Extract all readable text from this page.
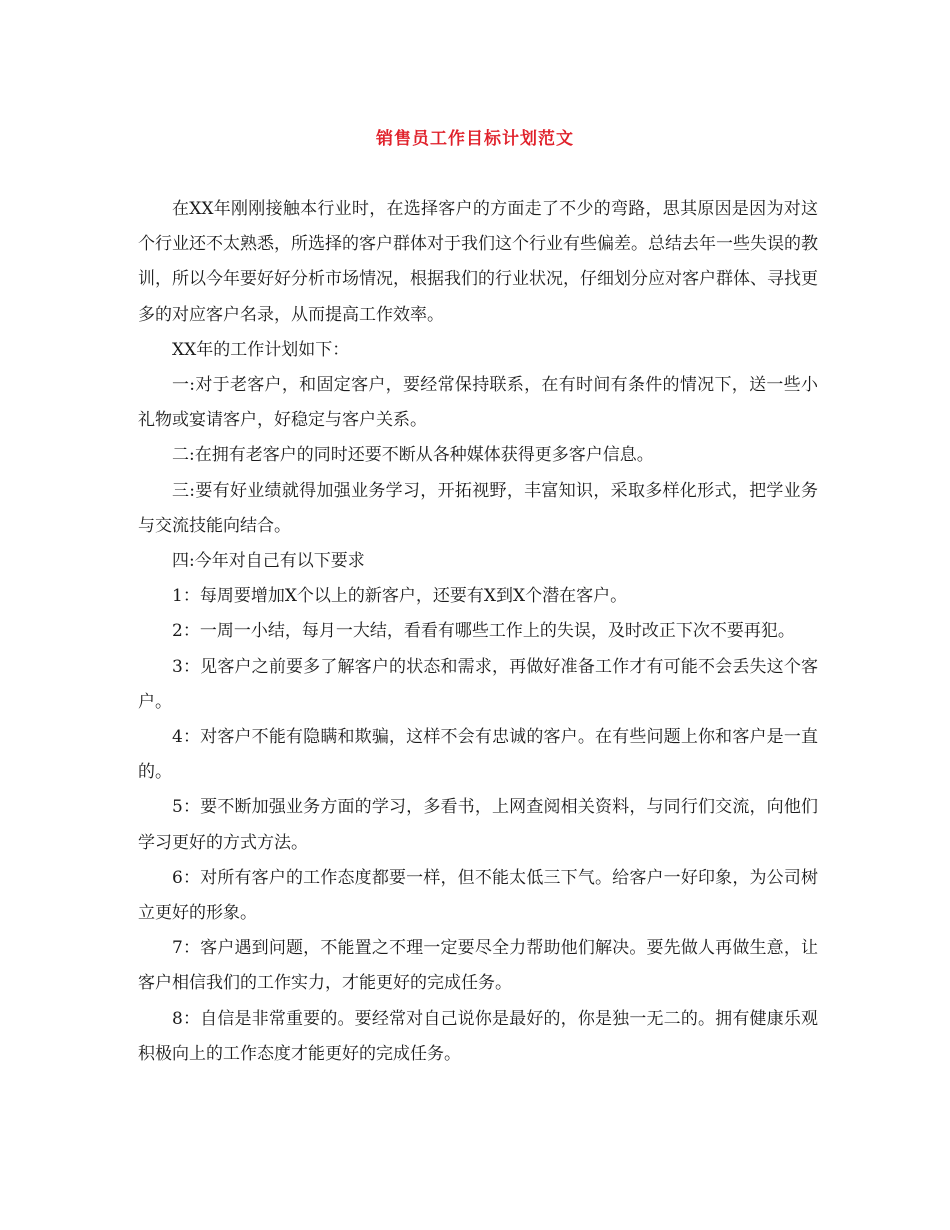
销售员工作目标计划范文

在XX年刚刚接触本行业时，在选择客户的方面走了不少的弯路，思其原因是因为对这个行业还不太熟悉，所选择的客户群体对于我们这个行业有些偏差。总结去年一些失误的教训，所以今年要好好分析市场情况，根据我们的行业状况，仔细划分应对客户群体、寻找更多的对应客户名录，从而提高工作效率。

XX年的工作计划如下：

一:对于老客户，和固定客户，要经常保持联系，在有时间有条件的情况下，送一些小礼物或宴请客户，好稳定与客户关系。

二:在拥有老客户的同时还要不断从各种媒体获得更多客户信息。

三:要有好业绩就得加强业务学习，开拓视野，丰富知识，采取多样化形式，把学业务与交流技能向结合。

四:今年对自己有以下要求

1：每周要增加X个以上的新客户，还要有X到X个潜在客户。

2：一周一小结，每月一大结，看看有哪些工作上的失误，及时改正下次不要再犯。

3：见客户之前要多了解客户的状态和需求，再做好准备工作才有可能不会丢失这个客户。

4：对客户不能有隐瞒和欺骗，这样不会有忠诚的客户。在有些问题上你和客户是一直的。

5：要不断加强业务方面的学习，多看书，上网查阅相关资料，与同行们交流，向他们学习更好的方式方法。

6：对所有客户的工作态度都要一样，但不能太低三下气。给客户一好印象，为公司树立更好的形象。

7：客户遇到问题，不能置之不理一定要尽全力帮助他们解决。要先做人再做生意，让客户相信我们的工作实力，才能更好的完成任务。

8：自信是非常重要的。要经常对自己说你是最好的，你是独一无二的。拥有健康乐观积极向上的工作态度才能更好的完成任务。
